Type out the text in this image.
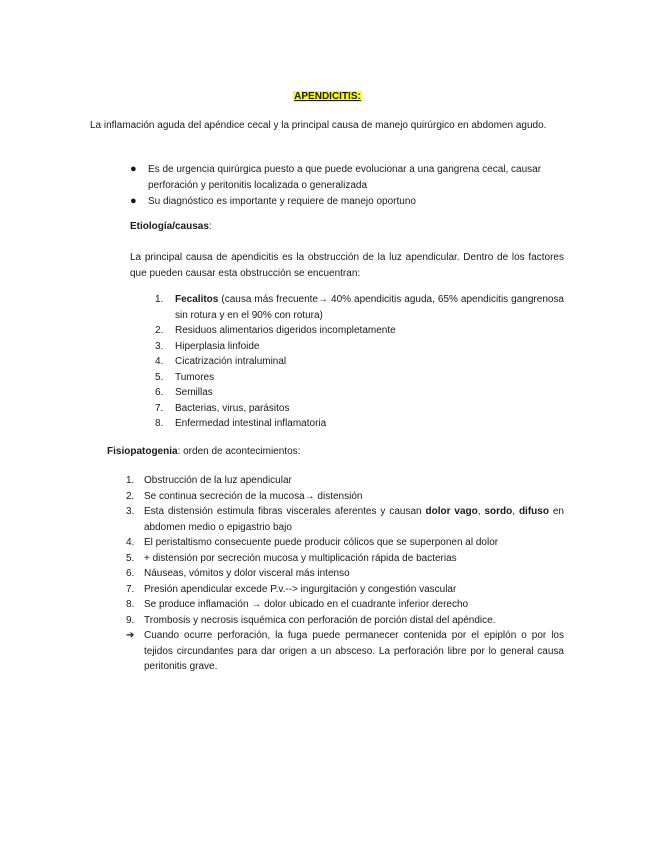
APENDICITIS:
La inflamación aguda del apéndice cecal y la principal causa de manejo quirúrgico en abdomen agudo.
● Es de urgencia quirúrgica puesto a que puede evolucionar a una gangrena cecal, causar perforación y peritonitis localizada o generalizada
● Su diagnóstico es importante y requiere de manejo oportuno
Etiología/causas:
La principal causa de apendicitis es la obstrucción de la luz apendicular. Dentro de los factores que pueden causar esta obstrucción se encuentran:
1. Fecalitos (causa más frecuente→ 40% apendicitis aguda, 65% apendicitis gangrenosa sin rotura y en el 90% con rotura)
2. Residuos alimentarios digeridos incompletamente
3. Hiperplasia linfoide
4. Cicatrización intraluminal
5. Tumores
6. Semillas
7. Bacterias, virus, parásitos
8. Enfermedad intestinal inflamatoria
Fisiopatogenia: orden de acontecimientos:
1. Obstrucción de la luz apendicular
2. Se continua secreción de la mucosa→ distensión
3. Esta distensión estimula fibras viscerales aferentes y causan dolor vago, sordo, difuso en abdomen medio o epigastrio bajo
4. El peristaltismo consecuente puede producir cólicos que se superponen al dolor
5. + distensión por secreción mucosa y multiplicación rápida de bacterias
6. Náuseas, vómitos y dolor visceral más intenso
7. Presión apendicular excede P.v.--> ingurgitación y congestión vascular
8. Se produce inflamación → dolor ubicado en el cuadrante inferior derecho
9. Trombosis y necrosis isquémica con perforación de porción distal del apéndice.
➔ Cuando ocurre perforación, la fuga puede permanecer contenida por el epiplón o por los tejidos circundantes para dar origen a un absceso. La perforación libre por lo general causa peritonitis grave.
